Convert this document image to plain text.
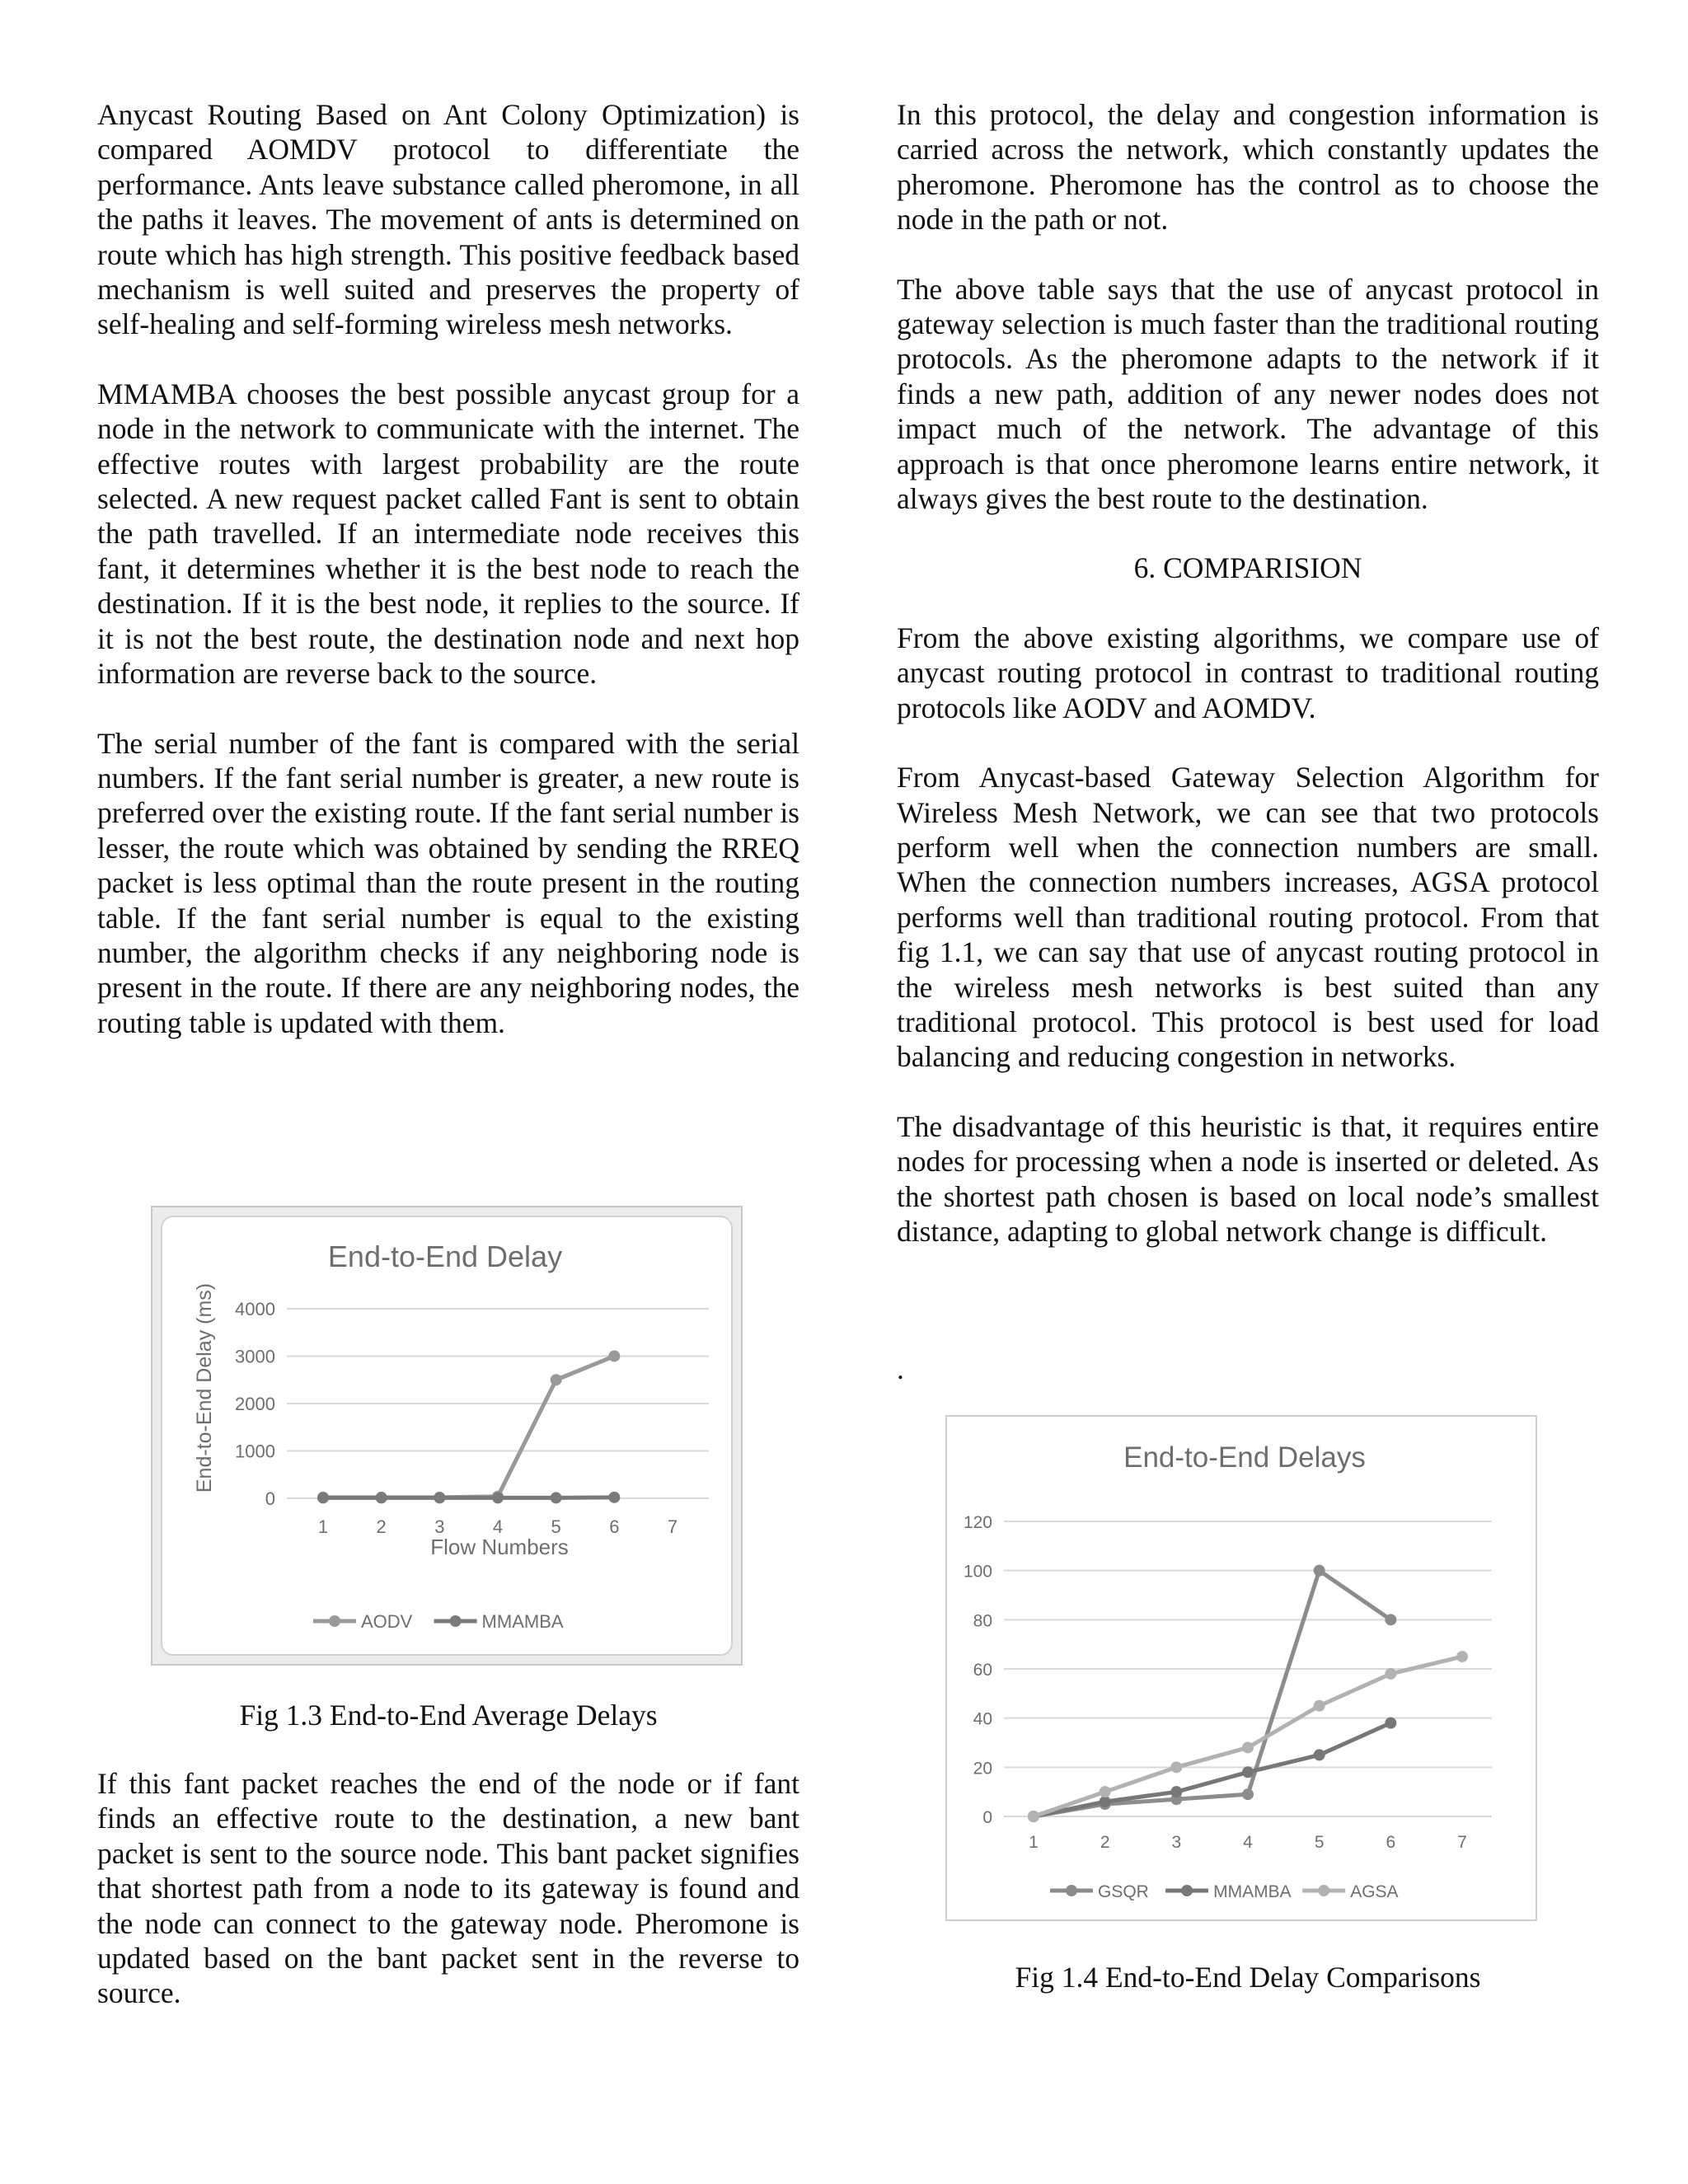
Anycast Routing Based on Ant Colony Optimization) is compared AOMDV protocol to differentiate the performance. Ants leave substance called pheromone, in all the paths it leaves. The movement of ants is determined on route which has high strength. This positive feedback based mechanism is well suited and preserves the property of self-healing and self-forming wireless mesh networks.

MMAMBA chooses the best possible anycast group for a node in the network to communicate with the internet. The effective routes with largest probability are the route selected. A new request packet called Fant is sent to obtain the path travelled. If an intermediate node receives this fant, it determines whether it is the best node to reach the destination. If it is the best node, it replies to the source. If it is not the best route, the destination node and next hop information are reverse back to the source.

The serial number of the fant is compared with the serial numbers. If the fant serial number is greater, a new route is preferred over the existing route. If the fant serial number is lesser, the route which was obtained by sending the RREQ packet is less optimal than the route present in the routing table. If the fant serial number is equal to the existing number, the algorithm checks if any neighboring node is present in the route. If there are any neighboring nodes, the routing table is updated with them.

End-to-End Delay
0
1000
2000
3000
4000
1	2	3	4	5	6	7
End-to-End Delay (ms)
Flow Numbers
AODV	MMAMBA
Fig 1.3 End-to-End Average Delays

If this fant packet reaches the end of the node or if fant finds an effective route to the destination, a new bant packet is sent to the source node. This bant packet signifies that shortest path from a node to its gateway is found and the node can connect to the gateway node. Pheromone is updated based on the bant packet sent in the reverse to source.

In this protocol, the delay and congestion information is carried across the network, which constantly updates the pheromone. Pheromone has the control as to choose the node in the path or not.

The above table says that the use of anycast protocol in gateway selection is much faster than the traditional routing protocols. As the pheromone adapts to the network if it finds a new path, addition of any newer nodes does not impact much of the network. The advantage of this approach is that once pheromone learns entire network, it always gives the best route to the destination.

6. COMPARISION

From the above existing algorithms, we compare use of anycast routing protocol in contrast to traditional routing protocols like AODV and AOMDV.

From Anycast-based Gateway Selection Algorithm for Wireless Mesh Network, we can see that two protocols perform well when the connection numbers are small. When the connection numbers increases, AGSA protocol performs well than traditional routing protocol. From that fig 1.1, we can say that use of anycast routing protocol in the wireless mesh networks is best suited than any traditional protocol. This protocol is best used for load balancing and reducing congestion in networks.

The disadvantage of this heuristic is that, it requires entire nodes for processing when a node is inserted or deleted. As the shortest path chosen is based on local node’s smallest distance, adapting to global network change is difficult.

.
End-to-End Delays
0
20
40
60
80
100
120
1	2	3	4	5	6	7
GSQR	MMAMBA	AGSA
Fig 1.4 End-to-End Delay Comparisons
